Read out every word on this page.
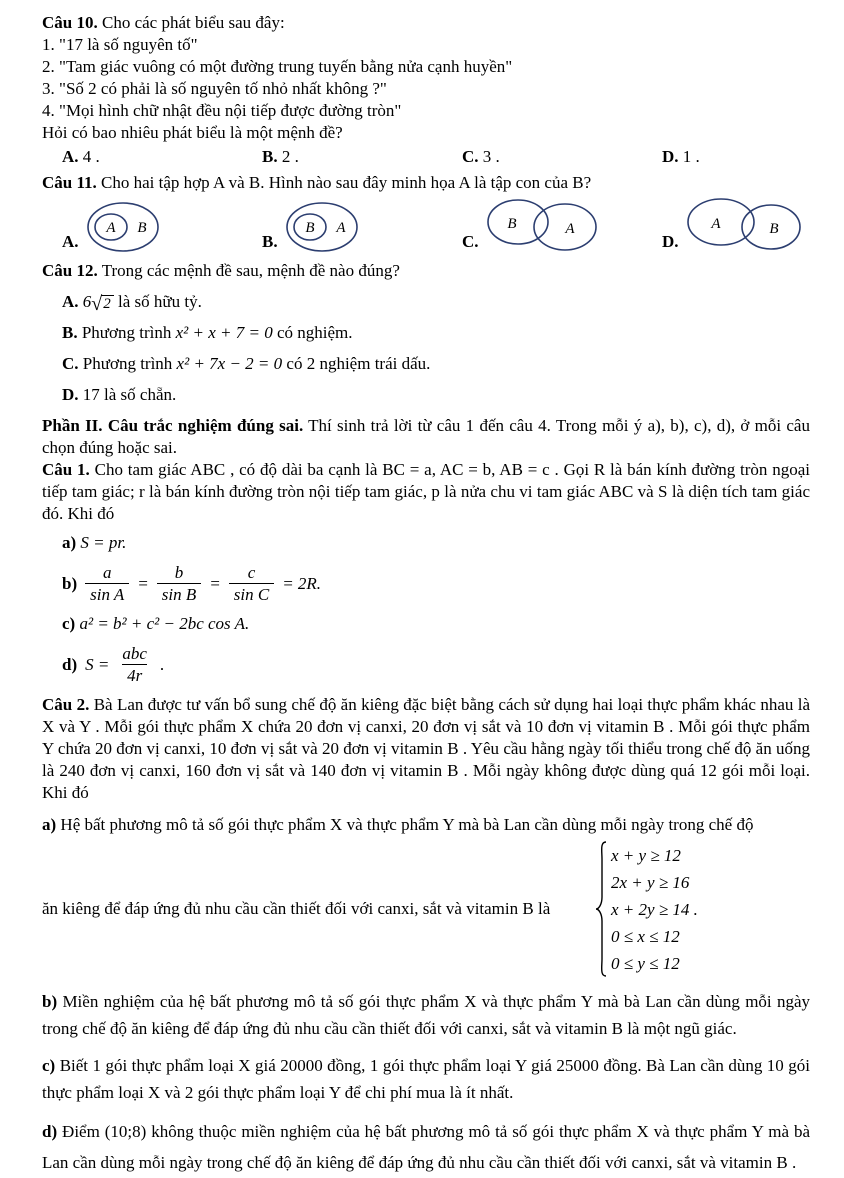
Câu 10. Cho các phát biểu sau đây:

1. "17 là số nguyên tố"

2. "Tam giác vuông có một đường trung tuyến bằng nửa cạnh huyền"

3. "Số 2 có phải là số nguyên tố nhỏ nhất không ?"

4. "Mọi hình chữ nhật đều nội tiếp được đường tròn"

Hỏi có bao nhiêu phát biểu là một mệnh đề?

A. 4 .	B. 2 .	C. 3 .	D. 1 .

Câu 11. Cho hai tập hợp A và B. Hình nào sau đây minh họa A là tập con của B?

A.
A B
B.
B A
C.
B	A
D.
A	B

Câu 12. Trong các mệnh đề sau, mệnh đề nào đúng?

A. 6 √ 2 là số hữu tỷ.

B. Phương trình x² + x + 7 = 0 có nghiệm.

C. Phương trình x² + 7x − 2 = 0 có 2 nghiệm trái dấu.

D. 17 là số chẵn.

Phần II. Câu trắc nghiệm đúng sai. Thí sinh trả lời từ câu 1 đến câu 4. Trong mỗi ý a), b), c), d), ở mỗi câu chọn đúng hoặc sai.

Câu 1. Cho tam giác ABC , có độ dài ba cạnh là BC = a, AC = b, AB = c . Gọi R là bán kính đường tròn ngoại tiếp tam giác; r là bán kính đường tròn nội tiếp tam giác, p là nửa chu vi tam giác ABC và S là diện tích tam giác đó. Khi đó

a) S = pr.

$b) \frac{a}{\text{sin A}} = \frac{b}{\text{sin B}} = \frac{c}{\text{sin C}} = 2R$.

c) a² = b² + c² − 2bc cos A.

d) $S = \frac{\text{abc}}{4r}$ .

Câu 2. Bà Lan được tư vấn bổ sung chế độ ăn kiêng đặc biệt bằng cách sử dụng hai loại thực phẩm khác nhau là X và Y . Mỗi gói thực phẩm X chứa 20 đơn vị canxi, 20 đơn vị sắt và 10 đơn vị vitamin B . Mỗi gói thực phẩm Y chứa 20 đơn vị canxi, 10 đơn vị sắt và 20 đơn vị vitamin B . Yêu cầu hằng ngày tối thiểu trong chế độ ăn uống là 240 đơn vị canxi, 160 đơn vị sắt và 140 đơn vị vitamin B . Mỗi ngày không được dùng quá 12 gói mỗi loại. Khi đó

a) Hệ bất phương mô tả số gói thực phẩm X và thực phẩm Y mà bà Lan cần dùng mỗi ngày trong chế độ

ăn kiêng để đáp ứng đủ nhu cầu cần thiết đối với canxi, sắt và vitamin B là
x + y ≥ 12
2x + y ≥ 16
x + 2y ≥ 14 .
0 ≤ x ≤ 12
0 ≤ y ≤ 12

b) Miền nghiệm của hệ bất phương mô tả số gói thực phẩm X và thực phẩm Y mà bà Lan cần dùng mỗi ngày trong chế độ ăn kiêng để đáp ứng đủ nhu cầu cần thiết đối với canxi, sắt và vitamin B là một ngũ giác.

c) Biết 1 gói thực phẩm loại X giá 20000 đồng, 1 gói thực phẩm loại Y giá 25000 đồng. Bà Lan cần dùng 10 gói thực phẩm loại X và 2 gói thực phẩm loại Y để chi phí mua là ít nhất.

d) Điểm (10;8) không thuộc miền nghiệm của hệ bất phương mô tả số gói thực phẩm X và thực phẩm Y mà bà Lan cần dùng mỗi ngày trong chế độ ăn kiêng để đáp ứng đủ nhu cầu cần thiết đối với canxi, sắt và vitamin B .
